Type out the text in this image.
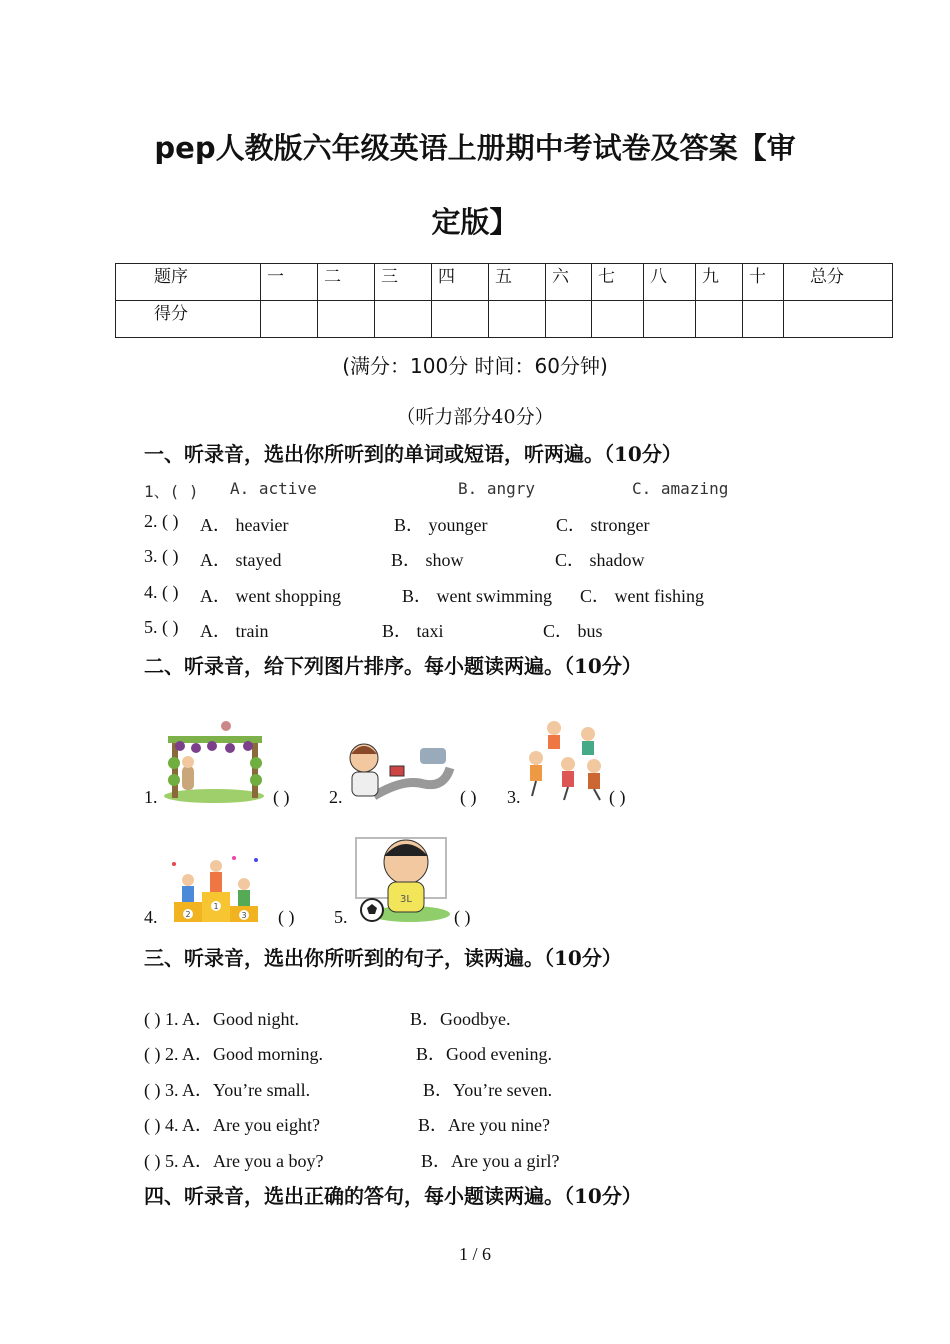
pep人教版六年级英语上册期中考试卷及答案【审
定版】
题序	一	二	三	四	五	六	七	八	九	十	总分
得分											
(满分：100分 时间：60分钟)
（听力部分40分）
一、听录音，选出你所听到的单词或短语，听两遍。（10分）
1、( ) A. active	B. angry	C. amazing
2. ( ) A． heavier	B． younger	C． stronger
3. ( ) A． stayed	B． show	C． shadow
4. ( ) A． went shopping	B． went swimming C． went fishing
5. ( ) A． train	B． taxi	C． bus
二、听录音，给下列图片排序。每小题读两遍。（10分）
1.	( ) 2.	( ) 3.	( )
4.	2
1
3 ( ) 5.
3L
( )
三、听录音，选出你所听到的句子，读两遍。（10分）
( ) 1. A．Good night.	B．Goodbye.
( ) 2. A．Good morning.	B．Good evening.
( ) 3. A．You’re small.	B．You’re seven.
( ) 4. A．Are you eight?	B．Are you nine?
( ) 5. A．Are you a boy?	B．Are you a girl?
四、听录音，选出正确的答句，每小题读两遍。（10分）
1 / 6
